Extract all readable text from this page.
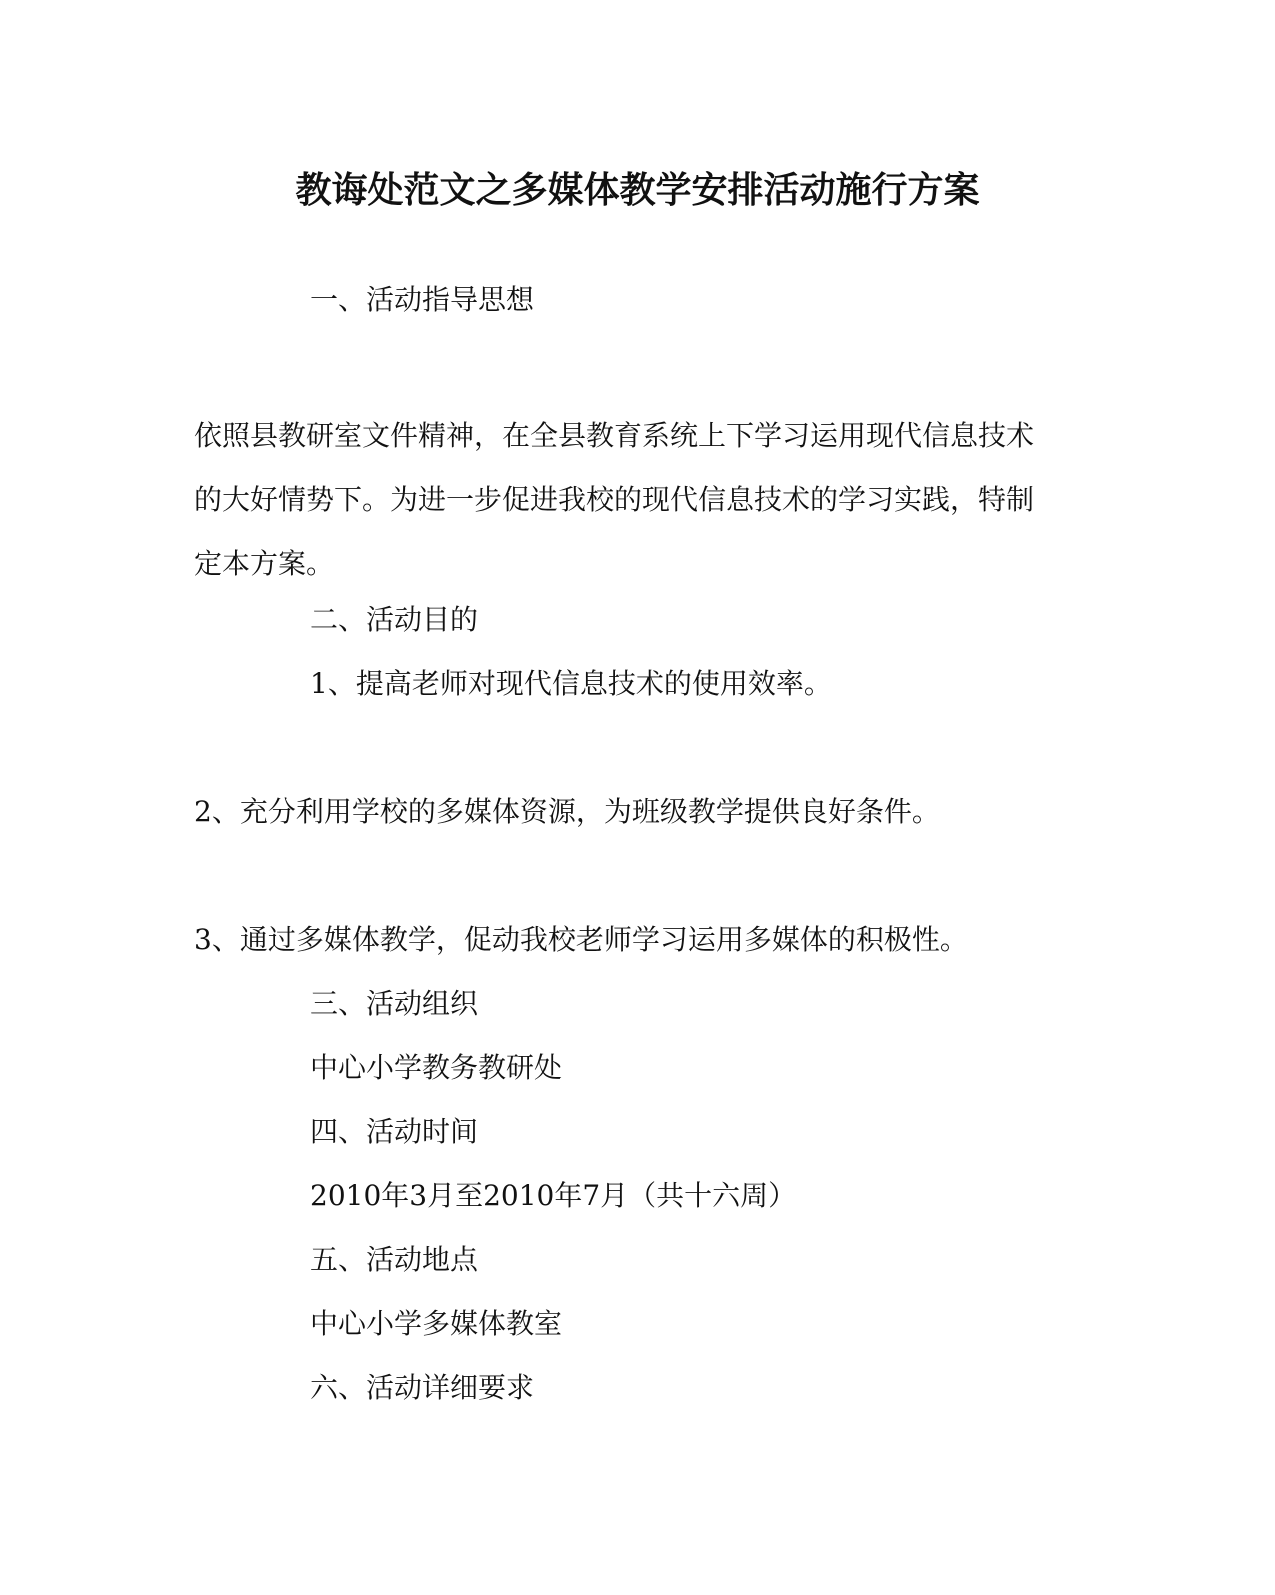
教诲处范文之多媒体教学安排活动施行方案
一、活动指导思想
依照县教研室文件精神，在全县教育系统上下学习运用现代信息技术
的大好情势下。为进一步促进我校的现代信息技术的学习实践，特制
定本方案。
二、活动目的
1、提高老师对现代信息技术的使用效率。
2、充分利用学校的多媒体资源，为班级教学提供良好条件。
3、通过多媒体教学，促动我校老师学习运用多媒体的积极性。
三、活动组织
中心小学教务教研处
四、活动时间
2010年3月至2010年7月（共十六周）
五、活动地点
中心小学多媒体教室
六、活动详细要求
